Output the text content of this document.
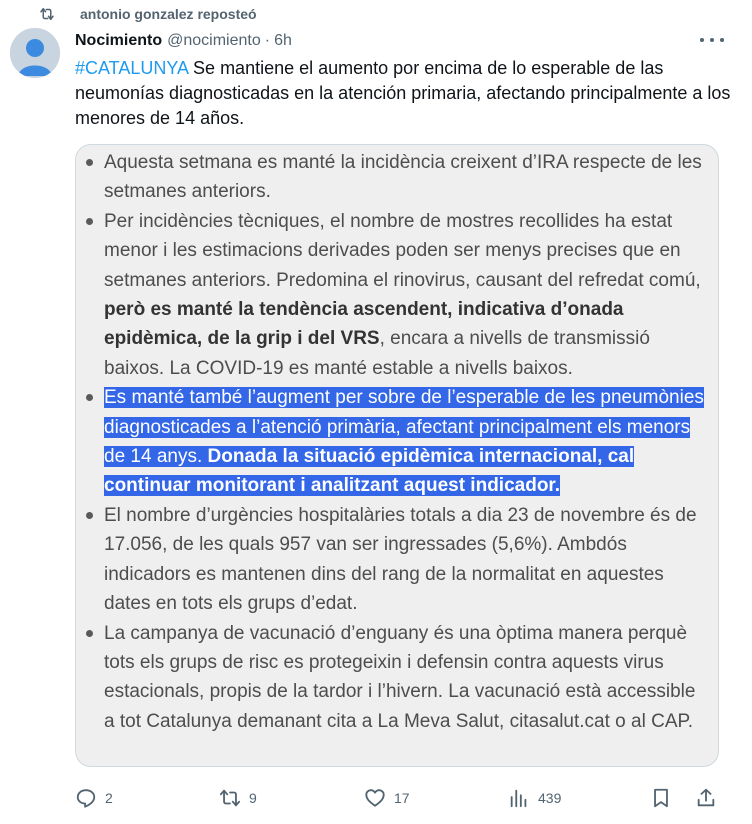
antonio gonzalez reposteó
Nocimiento @nocimiento · 6h
#CATALUNYA Se mantiene el aumento por encima de lo esperable de las neumonías diagnosticadas en la atención primaria, afectando principalmente a los menores de 14 años.
Aquesta setmana es manté la incidència creixent d’IRA respecte de les setmanes anteriors.
Per incidències tècniques, el nombre de mostres recollides ha estat menor i les estimacions derivades poden ser menys precises que en setmanes anteriors. Predomina el rinovirus, causant del refredat comú, però es manté la tendència ascendent, indicativa d’onada epidèmica, de la grip i del VRS, encara a nivells de transmissió baixos. La COVID-19 es manté estable a nivells baixos.
Es manté també l’augment per sobre de l’esperable de les pneumònies diagnosticades a l’atenció primària, afectant principalment els menors de 14 anys. Donada la situació epidèmica internacional, cal continuar monitorant i analitzant aquest indicador.
El nombre d’urgències hospitalàries totals a dia 23 de novembre és de 17.056, de les quals 957 van ser ingressades (5,6%). Ambdós indicadors es mantenen dins del rang de la normalitat en aquestes dates en tots els grups d’edat.
La campanya de vacunació d’enguany és una òptima manera perquè tots els grups de risc es protegeixin i defensin contra aquests virus estacionals, propis de la tardor i l’hivern. La vacunació està accessible a tot Catalunya demanant cita a La Meva Salut, citasalut.cat o al CAP.
2	9	17	439
